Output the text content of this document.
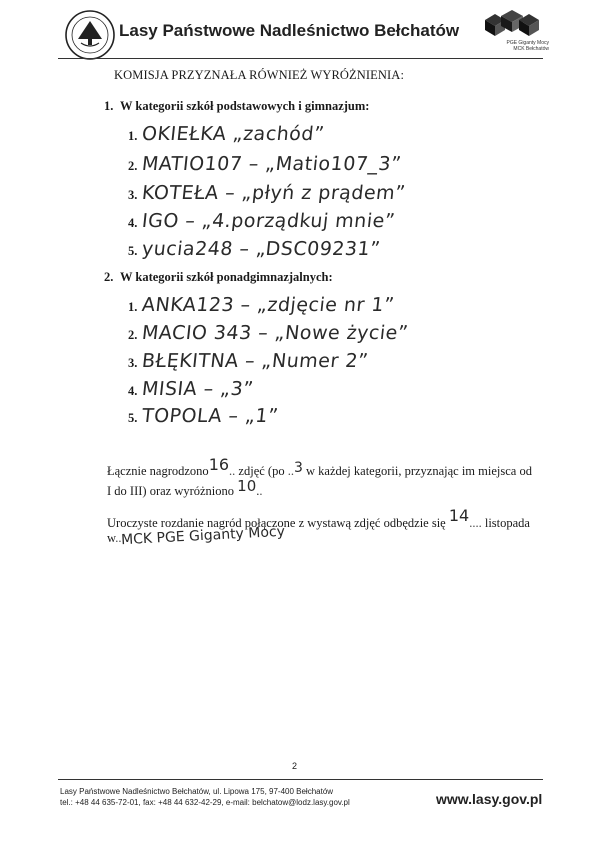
Lasy Państwowe Nadleśnictwo Bełchatów
PGE Giganty Mocy
MCK Bełchatów
KOMISJA PRZYZNAŁA RÓWNIEŻ WYRÓŻNIENIA:
1. W kategorii szkół podstawowych i gimnazjum:
1. OKIEŁKA „zachód”
2. MATIO107 – „Matio107_3”
3. KOTEŁA – „płyń z prądem”
4. IGO – „4.porządkuj mnie”
5. yucia248 – „DSC09231”
2. W kategorii szkół ponadgimnazjalnych:
1. ANKA123 – „zdjęcie nr 1”
2. MACIO 343 – „Nowe życie”
3. BŁĘKITNA – „Numer 2”
4. MISIA – „3”
5. TOPOLA – „1”
Łącznie nagrodzono16.. zdjęć (po ..3 w każdej kategorii, przyznając im miejsca od
I do III) oraz wyróżniono 10..
Uroczyste rozdanie nagród połączone z wystawą zdjęć odbędzie się 14.... listopada
w..MCK PGE Giganty Mocy
2
Lasy Państwowe Nadleśnictwo Bełchatów, ul. Lipowa 175, 97-400 Bełchatów
tel.: +48 44 635-72-01, fax: +48 44 632-42-29, e-mail: belchatow@lodz.lasy.gov.pl	www.lasy.gov.pl
